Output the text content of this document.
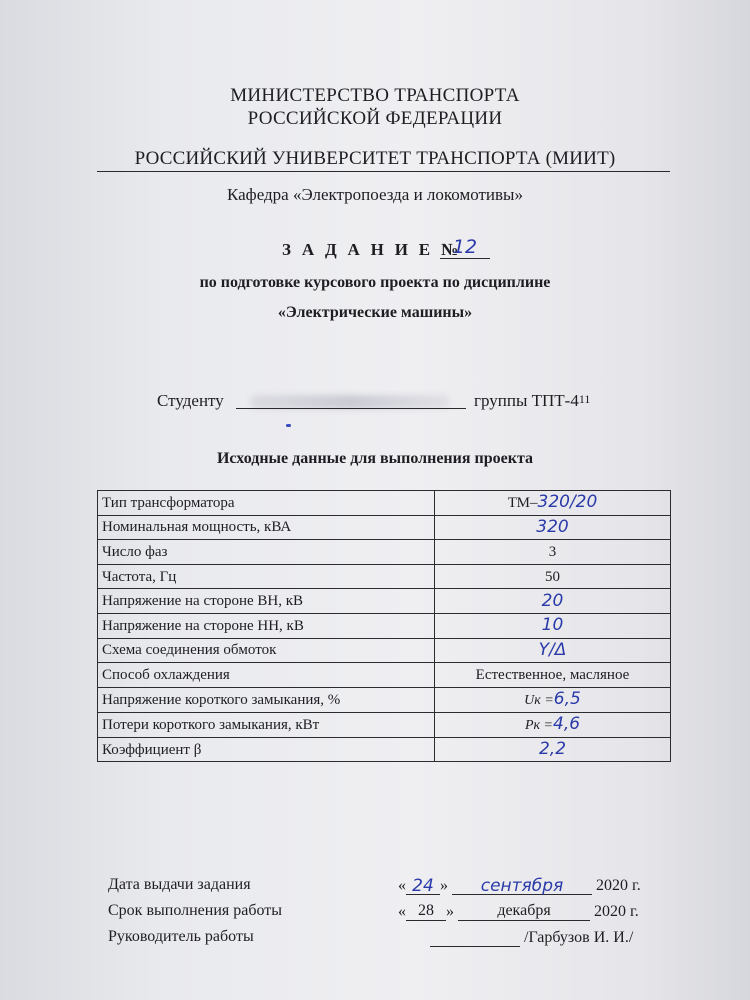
МИНИСТЕРСТВО ТРАНСПОРТА
РОССИЙСКОЙ ФЕДЕРАЦИИ
РОССИЙСКИЙ УНИВЕРСИТЕТ ТРАНСПОРТА (МИИТ)
Кафедра «Электропоезда и локомотивы»
З А Д А Н И Е №
12
по подготовке курсового проекта по дисциплине
«Электрические машины»
Студенту	группы ТПТ-411
Исходные данные для выполнения проекта
Тип трансформатора	ТМ–320/20
Номинальная мощность, кВА	320
Число фаз	3
Частота, Гц	50
Напряжение на стороне ВН, кВ	20
Напряжение на стороне НН, кВ	10
Схема соединения обмоток	Y/Δ
Способ охлаждения	Естественное, масляное
Напряжение короткого замыкания, %	Uк =6,5
Потери короткого замыкания, кВт	Pк =4,6
Коэффициент β	2,2
Дата выдачи задания	« 24 » сентября 2020 г.
Срок выполнения работы	« 28 » декабря	2020 г.
Руководитель работы	/Гарбузов И. И./
